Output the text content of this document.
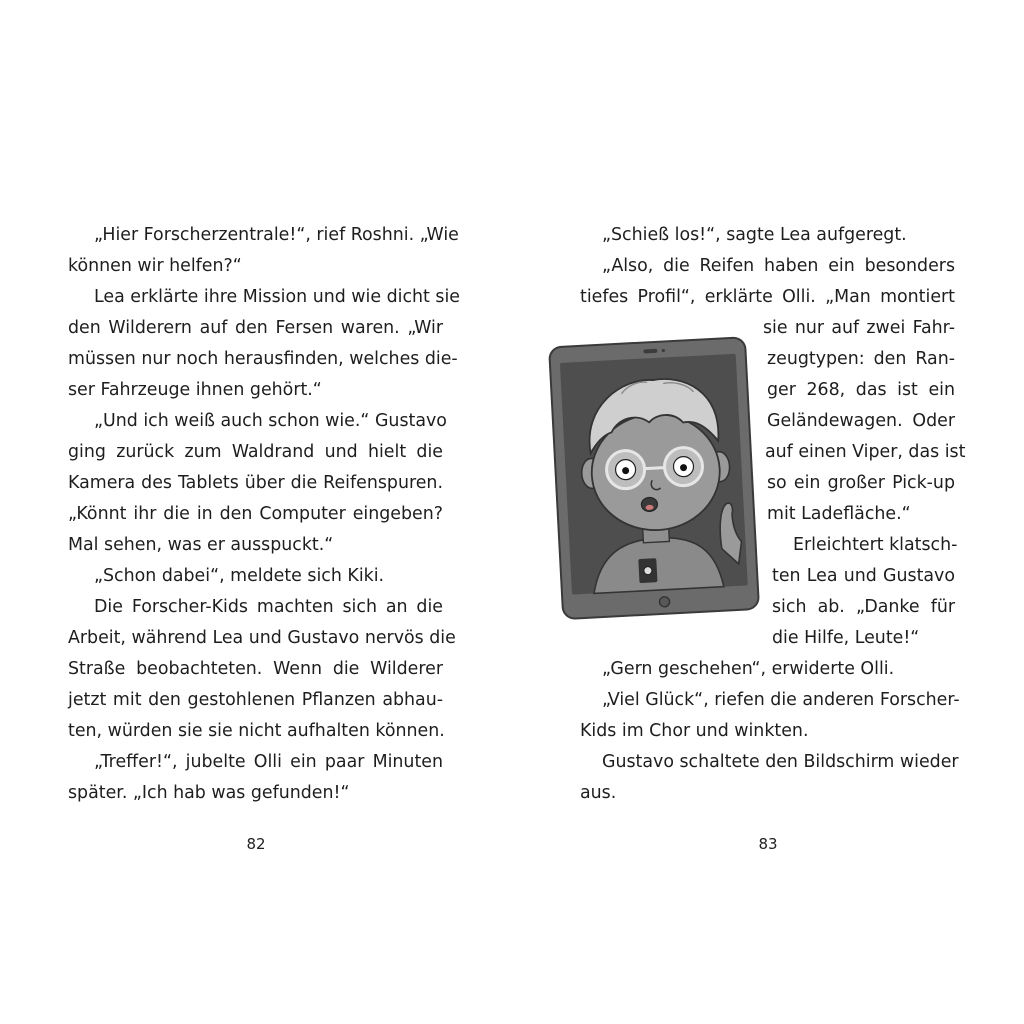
„Hier Forscherzentrale!“, rief Roshni. „Wie
können wir helfen?“
Lea erklärte ihre Mission und wie dicht sie
den Wilderern auf den Fersen waren. „Wir
müssen nur noch herausfinden, welches die-
ser Fahrzeuge ihnen gehört.“
„Und ich weiß auch schon wie.“ Gustavo
ging zurück zum Waldrand und hielt die
Kamera des Tablets über die Reifenspuren.
„Könnt ihr die in den Computer eingeben?
Mal sehen, was er ausspuckt.“
„Schon dabei“, meldete sich Kiki.
Die Forscher-Kids machten sich an die
Arbeit, während Lea und Gustavo nervös die
Straße beobachteten. Wenn die Wilderer
jetzt mit den gestohlenen Pflanzen abhau-
ten, würden sie sie nicht aufhalten können.
„Treffer!“, jubelte Olli ein paar Minuten
später. „Ich hab was gefunden!“
82
„Schieß los!“, sagte Lea aufgeregt.
„Also, die Reifen haben ein besonders
tiefes Profil“, erklärte Olli. „Man montiert
sie nur auf zwei Fahr-
zeugtypen: den Ran-
ger 268, das ist ein
Geländewagen. Oder
auf einen Viper, das ist
so ein großer Pick-up
mit Ladefläche.“
Erleichtert klatsch-
ten Lea und Gustavo
sich ab. „Danke für
die Hilfe, Leute!“
„Gern geschehen“, erwiderte Olli.
„Viel Glück“, riefen die anderen Forscher-
Kids im Chor und winkten.
Gustavo schaltete den Bildschirm wieder
aus.
83
